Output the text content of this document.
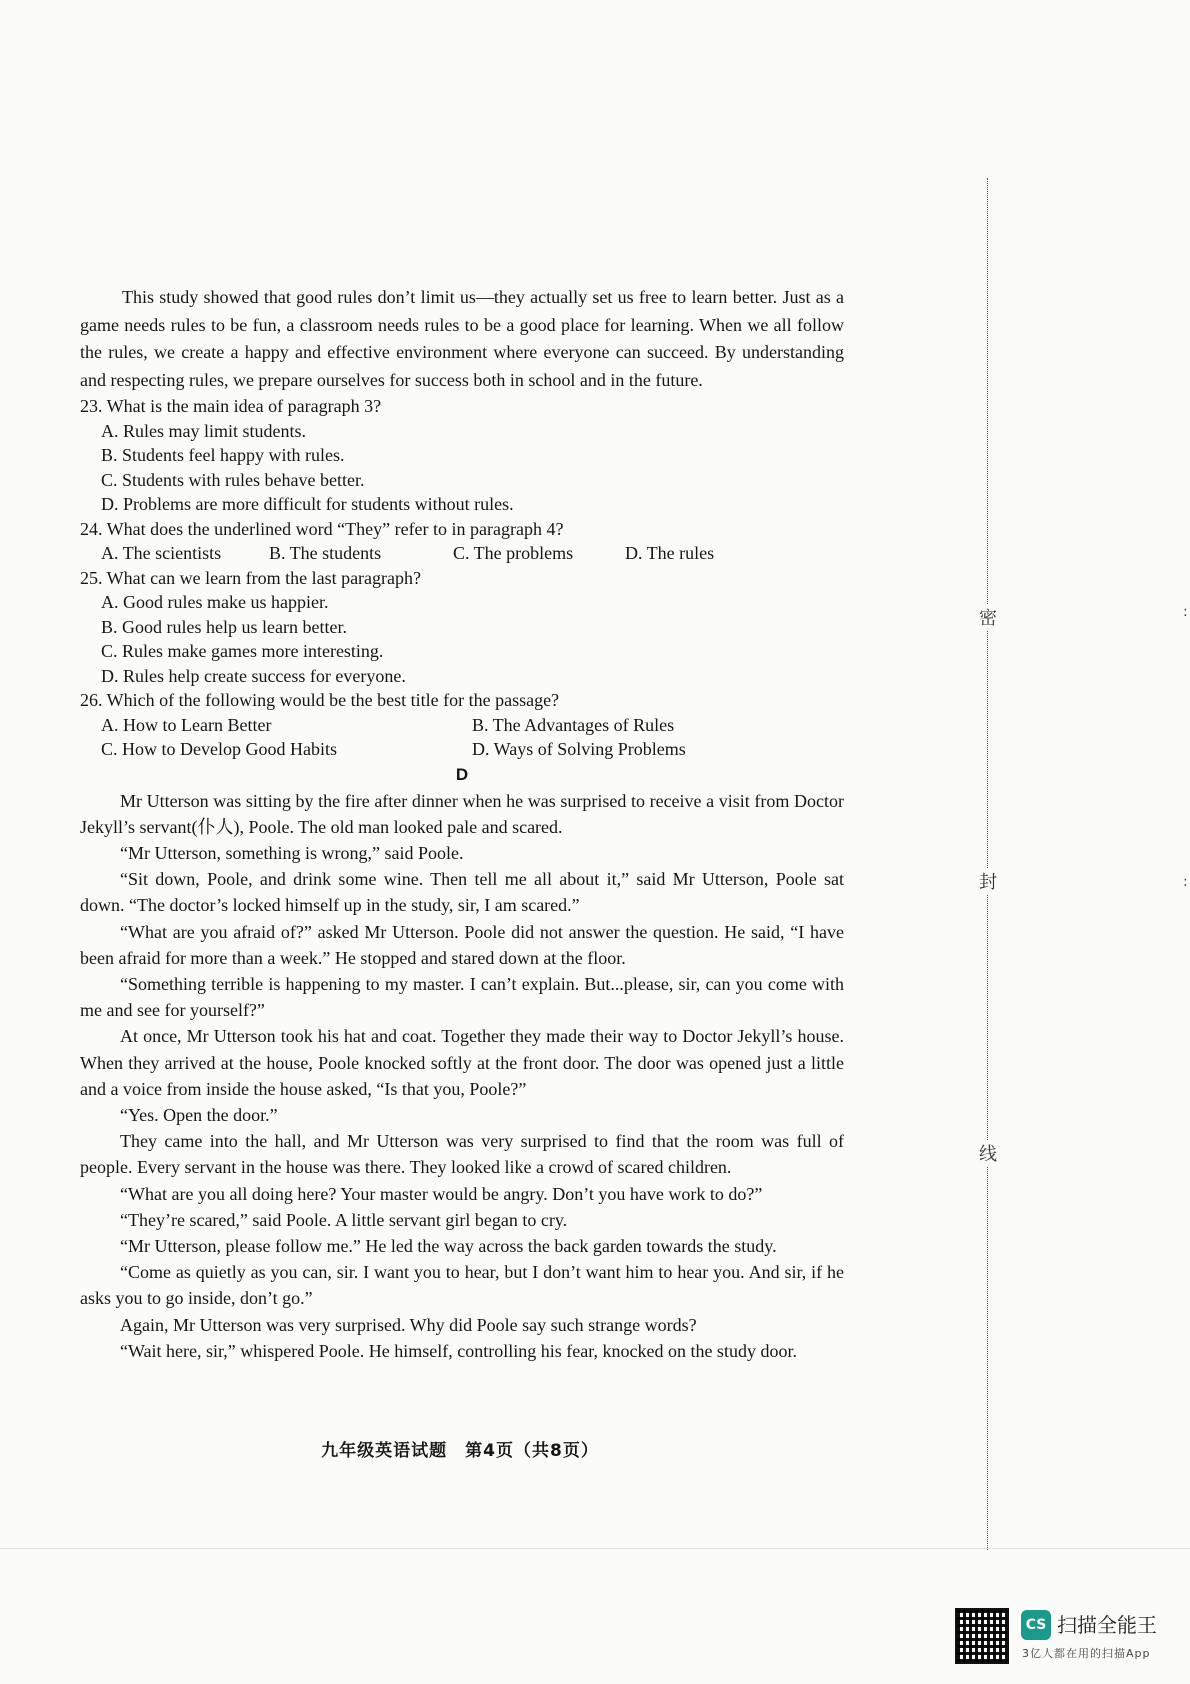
密
封
线
:
:

This study showed that good rules don’t limit us—they actually set us free to learn better. Just as a game needs rules to be fun, a classroom needs rules to be a good place for learning. When we all follow the rules, we create a happy and effective environment where everyone can succeed. By understanding and respecting rules, we prepare ourselves for success both in school and in the future.

23. What is the main idea of paragraph 3?

A. Rules may limit students.

B. Students feel happy with rules.

C. Students with rules behave better.

D. Problems are more difficult for students without rules.

24. What does the underlined word “They” refer to in paragraph 4?

A. The scientists	B. The students	C. The problems	D. The rules

25. What can we learn from the last paragraph?

A. Good rules make us happier.

B. Good rules help us learn better.

C. Rules make games more interesting.

D. Rules help create success for everyone.

26. Which of the following would be the best title for the passage?

A. How to Learn Better	B. The Advantages of Rules
C. How to Develop Good Habits	D. Ways of Solving Problems

D

Mr Utterson was sitting by the fire after dinner when he was surprised to receive a visit from Doctor Jekyll’s servant(仆人), Poole. The old man looked pale and scared.

“Mr Utterson, something is wrong,” said Poole.

“Sit down, Poole, and drink some wine. Then tell me all about it,” said Mr Utterson, Poole sat down. “The doctor’s locked himself up in the study, sir, I am scared.”

“What are you afraid of?” asked Mr Utterson. Poole did not answer the question. He said, “I have been afraid for more than a week.” He stopped and stared down at the floor.

“Something terrible is happening to my master. I can’t explain. But...please, sir, can you come with me and see for yourself?”

At once, Mr Utterson took his hat and coat. Together they made their way to Doctor Jekyll’s house. When they arrived at the house, Poole knocked softly at the front door. The door was opened just a little and a voice from inside the house asked, “Is that you, Poole?”

“Yes. Open the door.”

They came into the hall, and Mr Utterson was very surprised to find that the room was full of people. Every servant in the house was there. They looked like a crowd of scared children.

“What are you all doing here? Your master would be angry. Don’t you have work to do?”

“They’re scared,” said Poole. A little servant girl began to cry.

“Mr Utterson, please follow me.” He led the way across the back garden towards the study.

“Come as quietly as you can, sir. I want you to hear, but I don’t want him to hear you. And sir, if he asks you to go inside, don’t go.”

Again, Mr Utterson was very surprised. Why did Poole say such strange words?

“Wait here, sir,” whispered Poole. He himself, controlling his fear, knocked on the study door.

九年级英语试题　第4页（共8页）
CS 扫描全能王
3亿人都在用的扫描App
